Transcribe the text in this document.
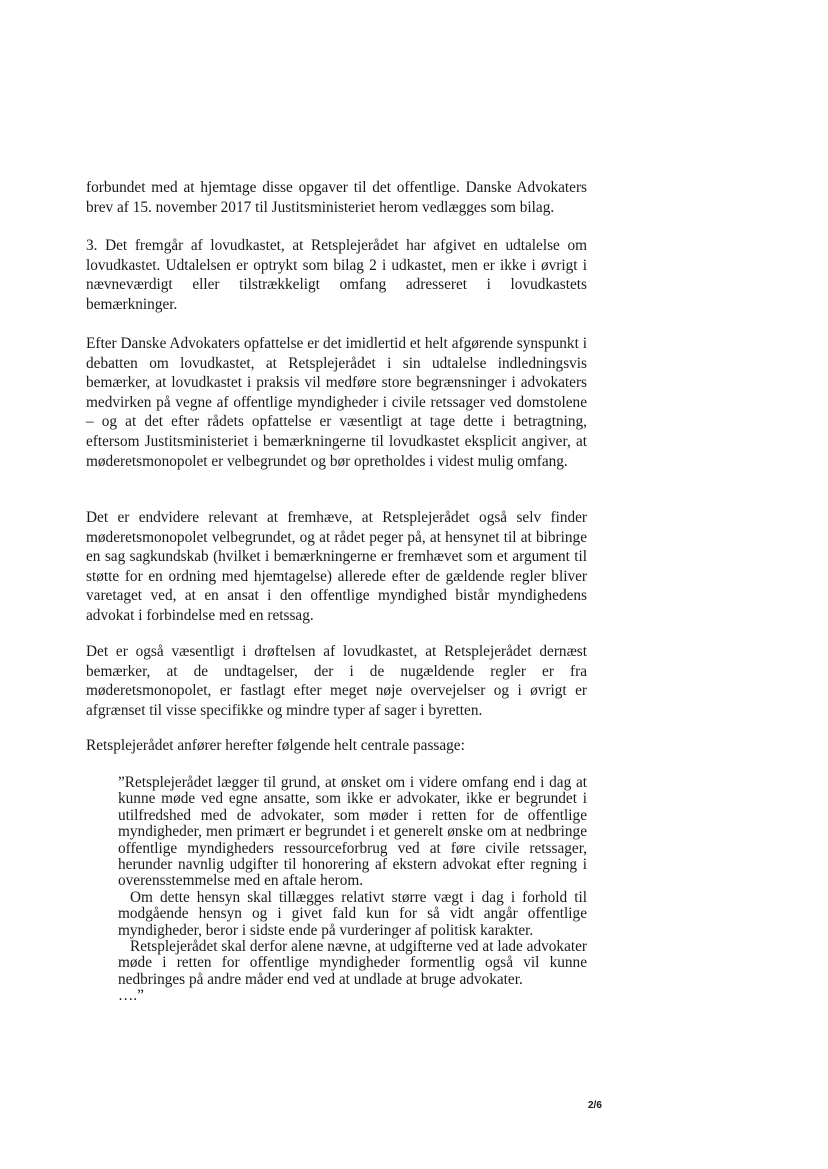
forbundet med at hjemtage disse opgaver til det offentlige. Danske Advokaters brev af 15. november 2017 til Justitsministeriet herom vedlægges som bilag.

3. Det fremgår af lovudkastet, at Retsplejerådet har afgivet en udtalelse om lovudkastet. Udtalelsen er optrykt som bilag 2 i udkastet, men er ikke i øvrigt i nævneværdigt eller tilstrækkeligt omfang adresseret i lovudkastets bemærkninger.

Efter Danske Advokaters opfattelse er det imidlertid et helt afgørende synspunkt i debatten om lovudkastet, at Retsplejerådet i sin udtalelse indledningsvis bemærker, at lovudkastet i praksis vil medføre store begrænsninger i advokaters medvirken på vegne af offentlige myndigheder i civile retssager ved domstolene – og at det efter rådets opfattelse er væsentligt at tage dette i betragtning, eftersom Justitsministeriet i bemærkningerne til lovudkastet eksplicit angiver, at møderetsmonopolet er velbegrundet og bør opretholdes i videst mulig omfang.

Det er endvidere relevant at fremhæve, at Retsplejerådet også selv finder møderetsmonopolet velbegrundet, og at rådet peger på, at hensynet til at bibringe en sag sagkundskab (hvilket i bemærkningerne er fremhævet som et argument til støtte for en ordning med hjemtagelse) allerede efter de gældende regler bliver varetaget ved, at en ansat i den offentlige myndighed bistår myndighedens advokat i forbindelse med en retssag.

Det er også væsentligt i drøftelsen af lovudkastet, at Retsplejerådet dernæst bemærker, at de undtagelser, der i de nugældende regler er fra møderetsmonopolet, er fastlagt efter meget nøje overvejelser og i øvrigt er afgrænset til visse specifikke og mindre typer af sager i byretten.

Retsplejerådet anfører herefter følgende helt centrale passage:

”Retsplejerådet lægger til grund, at ønsket om i videre omfang end i dag at kunne møde ved egne ansatte, som ikke er advokater, ikke er begrundet i utilfredshed med de advokater, som møder i retten for de offentlige myndigheder, men primært er begrundet i et generelt ønske om at nedbringe offentlige myndigheders ressourceforbrug ved at føre civile retssager, herunder navnlig udgifter til honorering af ekstern advokat efter regning i overensstemmelse med en aftale herom.

Om dette hensyn skal tillægges relativt større vægt i dag i forhold til modgående hensyn og i givet fald kun for så vidt angår offentlige myndigheder, beror i sidste ende på vurderinger af politisk karakter.

Retsplejerådet skal derfor alene nævne, at udgifterne ved at lade advokater møde i retten for offentlige myndigheder formentlig også vil kunne nedbringes på andre måder end ved at undlade at bruge advokater.

….”

2/6
